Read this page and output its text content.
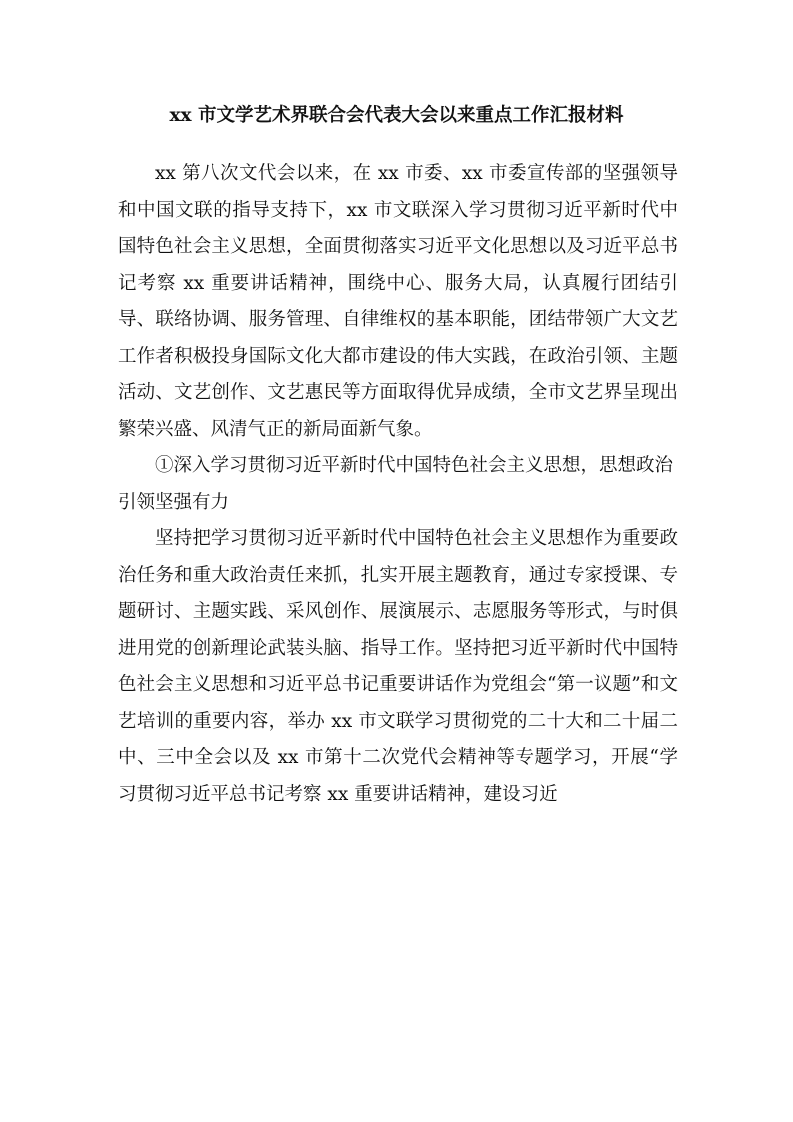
xx 市文学艺术界联合会代表大会以来重点工作汇报材料

xx 第八次文代会以来，在 xx 市委、xx 市委宣传部的坚强领导和中国文联的指导支持下，xx 市文联深入学习贯彻习近平新时代中国特色社会主义思想，全面贯彻落实习近平文化思想以及习近平总书记考察 xx 重要讲话精神，围绕中心、服务大局，认真履行团结引导、联络协调、服务管理、自律维权的基本职能，团结带领广大文艺工作者积极投身国际文化大都市建设的伟大实践，在政治引领、主题活动、文艺创作、文艺惠民等方面取得优异成绩，全市文艺界呈现出繁荣兴盛、风清气正的新局面新气象。

①深入学习贯彻习近平新时代中国特色社会主义思想，思想政治引领坚强有力

坚持把学习贯彻习近平新时代中国特色社会主义思想作为重要政治任务和重大政治责任来抓，扎实开展主题教育，通过专家授课、专题研讨、主题实践、采风创作、展演展示、志愿服务等形式，与时俱进用党的创新理论武装头脑、指导工作。坚持把习近平新时代中国特色社会主义思想和习近平总书记重要讲话作为党组会“第一议题”和文艺培训的重要内容，举办 xx 市文联学习贯彻党的二十大和二十届二中、三中全会以及 xx 市第十二次党代会精神等专题学习，开展“学习贯彻习近平总书记考察 xx 重要讲话精神，建设习近
